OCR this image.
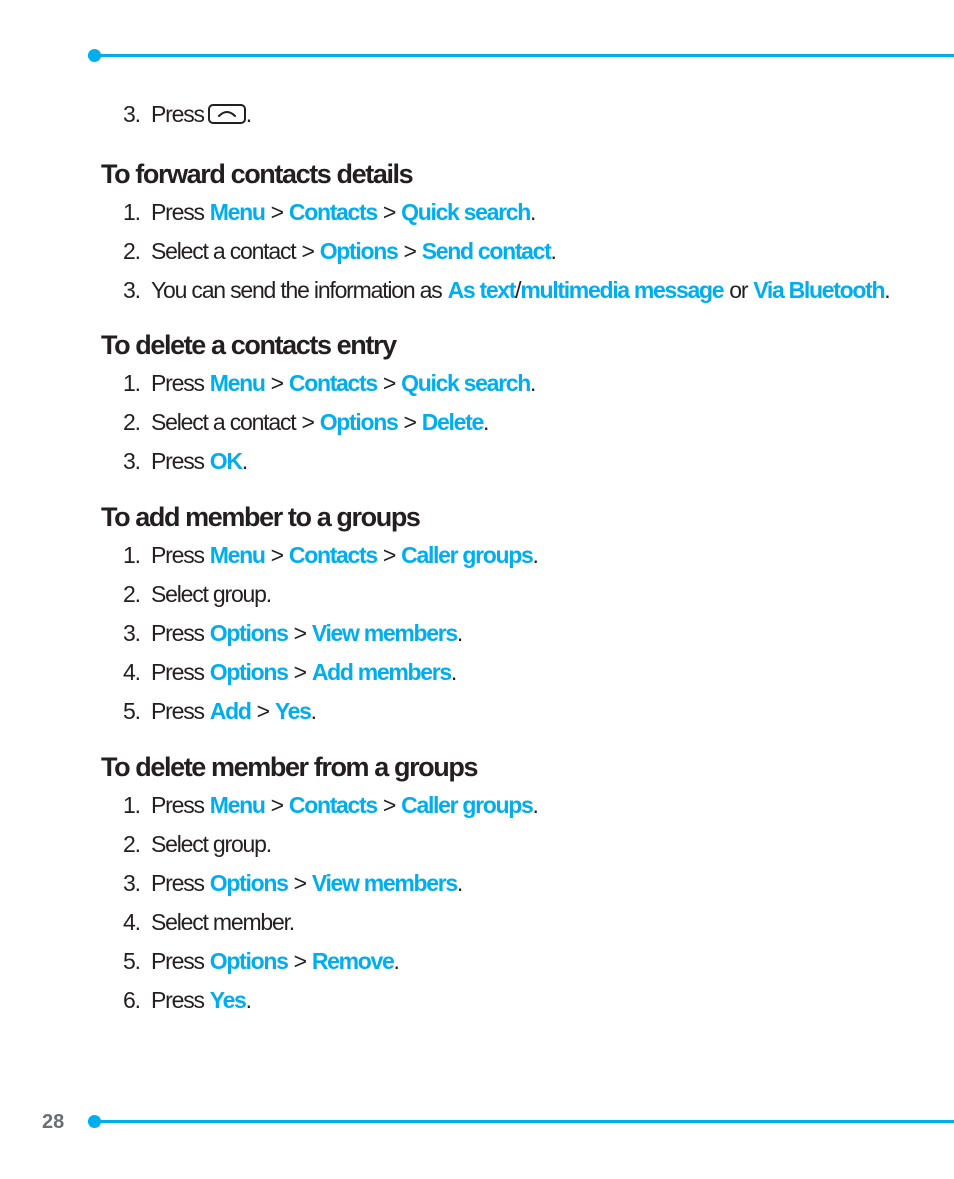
3. Press .
To forward contacts details
1. Press Menu > Contacts > Quick search.
2. Select a contact > Options > Send contact.
3. You can send the information as As text/multimedia message or Via Bluetooth.
To delete a contacts entry
1. Press Menu > Contacts > Quick search.
2. Select a contact > Options > Delete.
3. Press OK.
To add member to a groups
1. Press Menu > Contacts > Caller groups.
2. Select group.
3. Press Options > View members.
4. Press Options > Add members.
5. Press Add > Yes.
To delete member from a groups
1. Press Menu > Contacts > Caller groups.
2. Select group.
3. Press Options > View members.
4. Select member.
5. Press Options > Remove.
6. Press Yes.
28
